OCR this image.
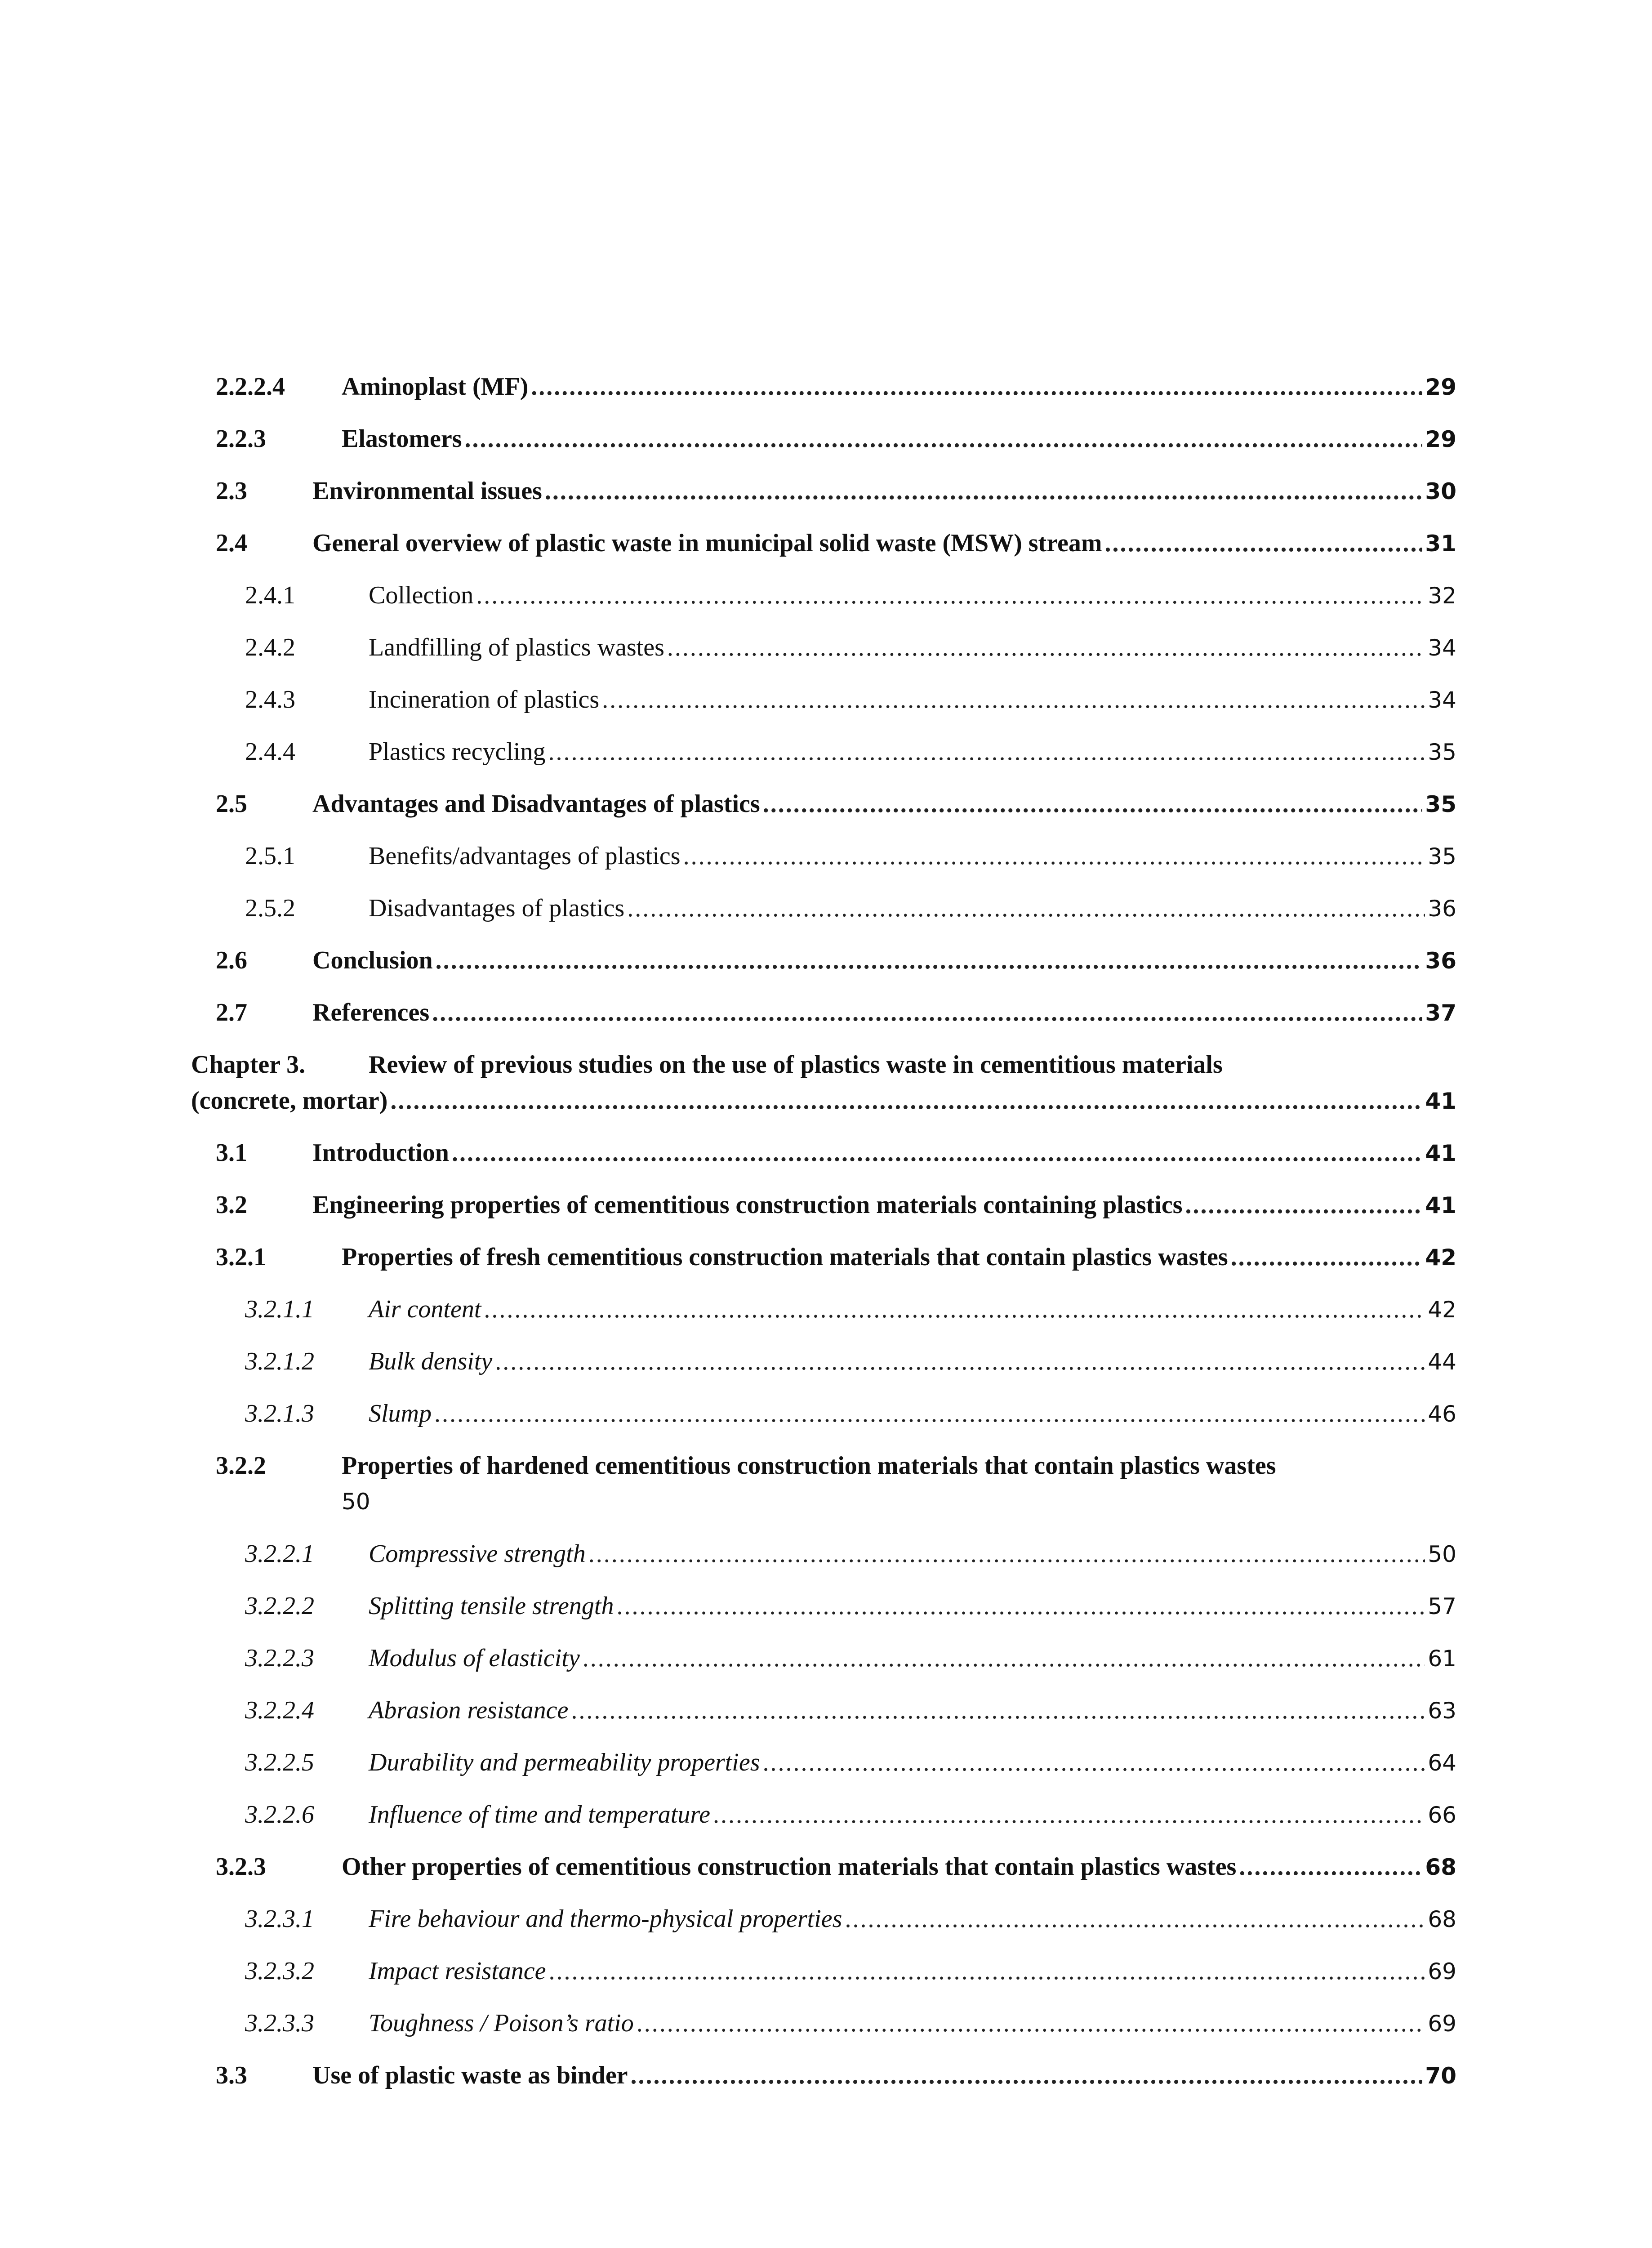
2.2.2.4	Aminoplast (MF) .....	29
2.2.3	Elastomers .....	29
2.3	Environmental issues .....	30
2.4	General overview of plastic waste in municipal solid waste (MSW) stream .....	31
2.4.1	Collection .....	32
2.4.2	Landfilling of plastics wastes .....	34
2.4.3	Incineration of plastics .....	34
2.4.4	Plastics recycling .....	35
2.5	Advantages and Disadvantages of plastics .....	35
2.5.1	Benefits/advantages of plastics .....	35
2.5.2	Disadvantages of plastics .....	36
2.6	Conclusion .....	36
2.7	References .....	37
Chapter 3.	Review of previous studies on the use of plastics waste in cementitious materials
(concrete, mortar) .....	41
3.1	Introduction .....	41
3.2	Engineering properties of cementitious construction materials containing plastics .....	41
3.2.1	Properties of fresh cementitious construction materials that contain plastics wastes .....	42
3.2.1.1	Air content .....	42
3.2.1.2	Bulk density .....	44
3.2.1.3	Slump .....	46
3.2.2	Properties of hardened cementitious construction materials that contain plastics wastes
50
3.2.2.1	Compressive strength .....	50
3.2.2.2	Splitting tensile strength .....	57
3.2.2.3	Modulus of elasticity .....	61
3.2.2.4	Abrasion resistance .....	63
3.2.2.5	Durability and permeability properties .....	64
3.2.2.6	Influence of time and temperature .....	66
3.2.3	Other properties of cementitious construction materials that contain plastics wastes .....	68
3.2.3.1	Fire behaviour and thermo-physical properties .....	68
3.2.3.2	Impact resistance .....	69
3.2.3.3	Toughness / Poison’s ratio .....	69
3.3	Use of plastic waste as binder .....	70
